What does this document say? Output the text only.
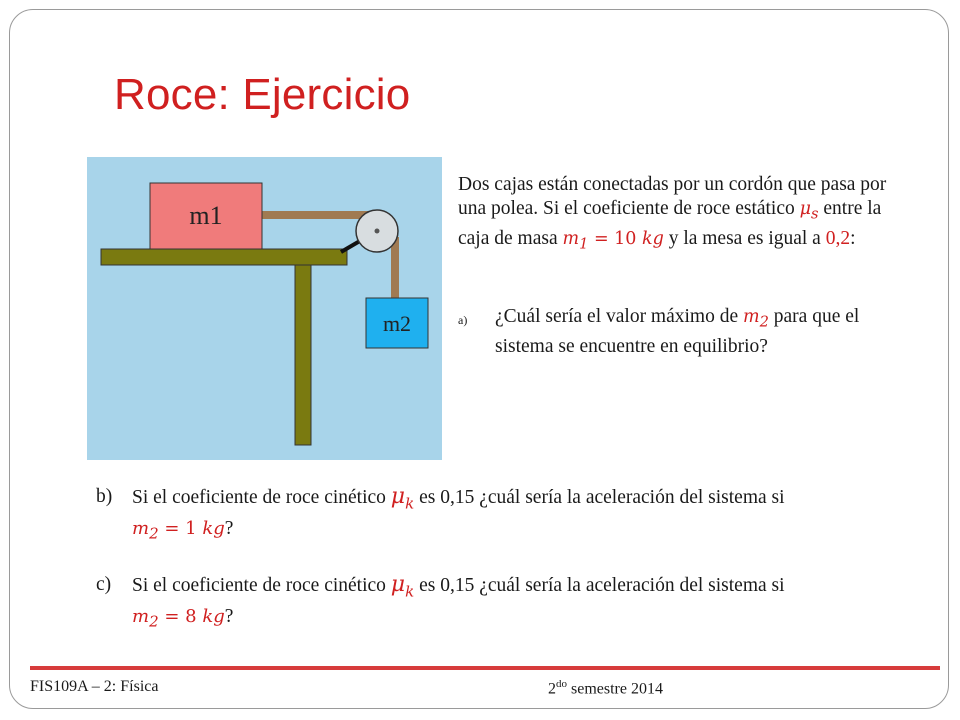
Roce: Ejercicio
m1
m2
Dos cajas están conectadas por un cordón que pasa por una polea. Si el coeficiente de roce estático $\mu_s$ entre la caja de masa $m_1 = 10$ kg y la mesa es igual a 0,2:
a) ¿Cuál sería el valor máximo de $m_2$ para que el sistema se encuentre en equilibrio?
b) Si el coeficiente de roce cinético $\mu_k$ es 0,15 ¿cuál sería la aceleración del sistema si
$m_2 = 1$ kg?
c) Si el coeficiente de roce cinético $\mu_k$ es 0,15 ¿cuál sería la aceleración del sistema si
$m_2 = 8$ kg?
FIS109A – 2: Física	$2^{do}$ semestre 2014
